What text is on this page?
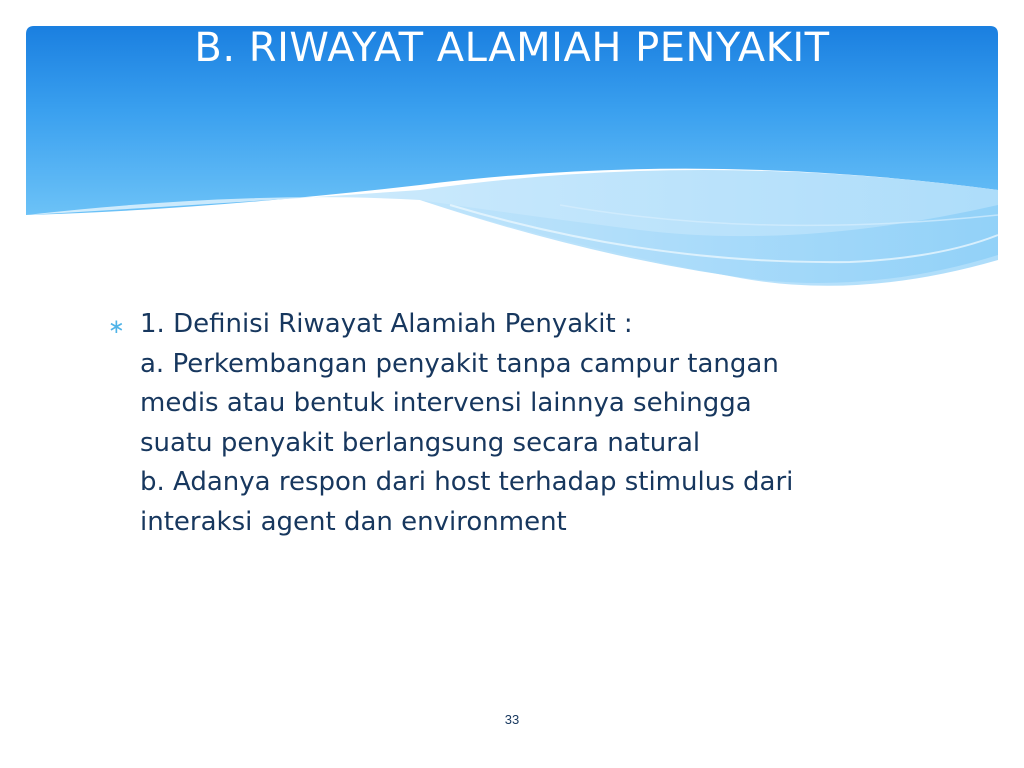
B. RIWAYAT ALAMIAH PENYAKIT
∗ 1. Definisi Riwayat Alamiah Penyakit :
a. Perkembangan penyakit tanpa campur tangan
medis atau bentuk intervensi lainnya sehingga
suatu penyakit berlangsung secara natural
b. Adanya respon dari host terhadap stimulus dari
interaksi agent dan environment
33
